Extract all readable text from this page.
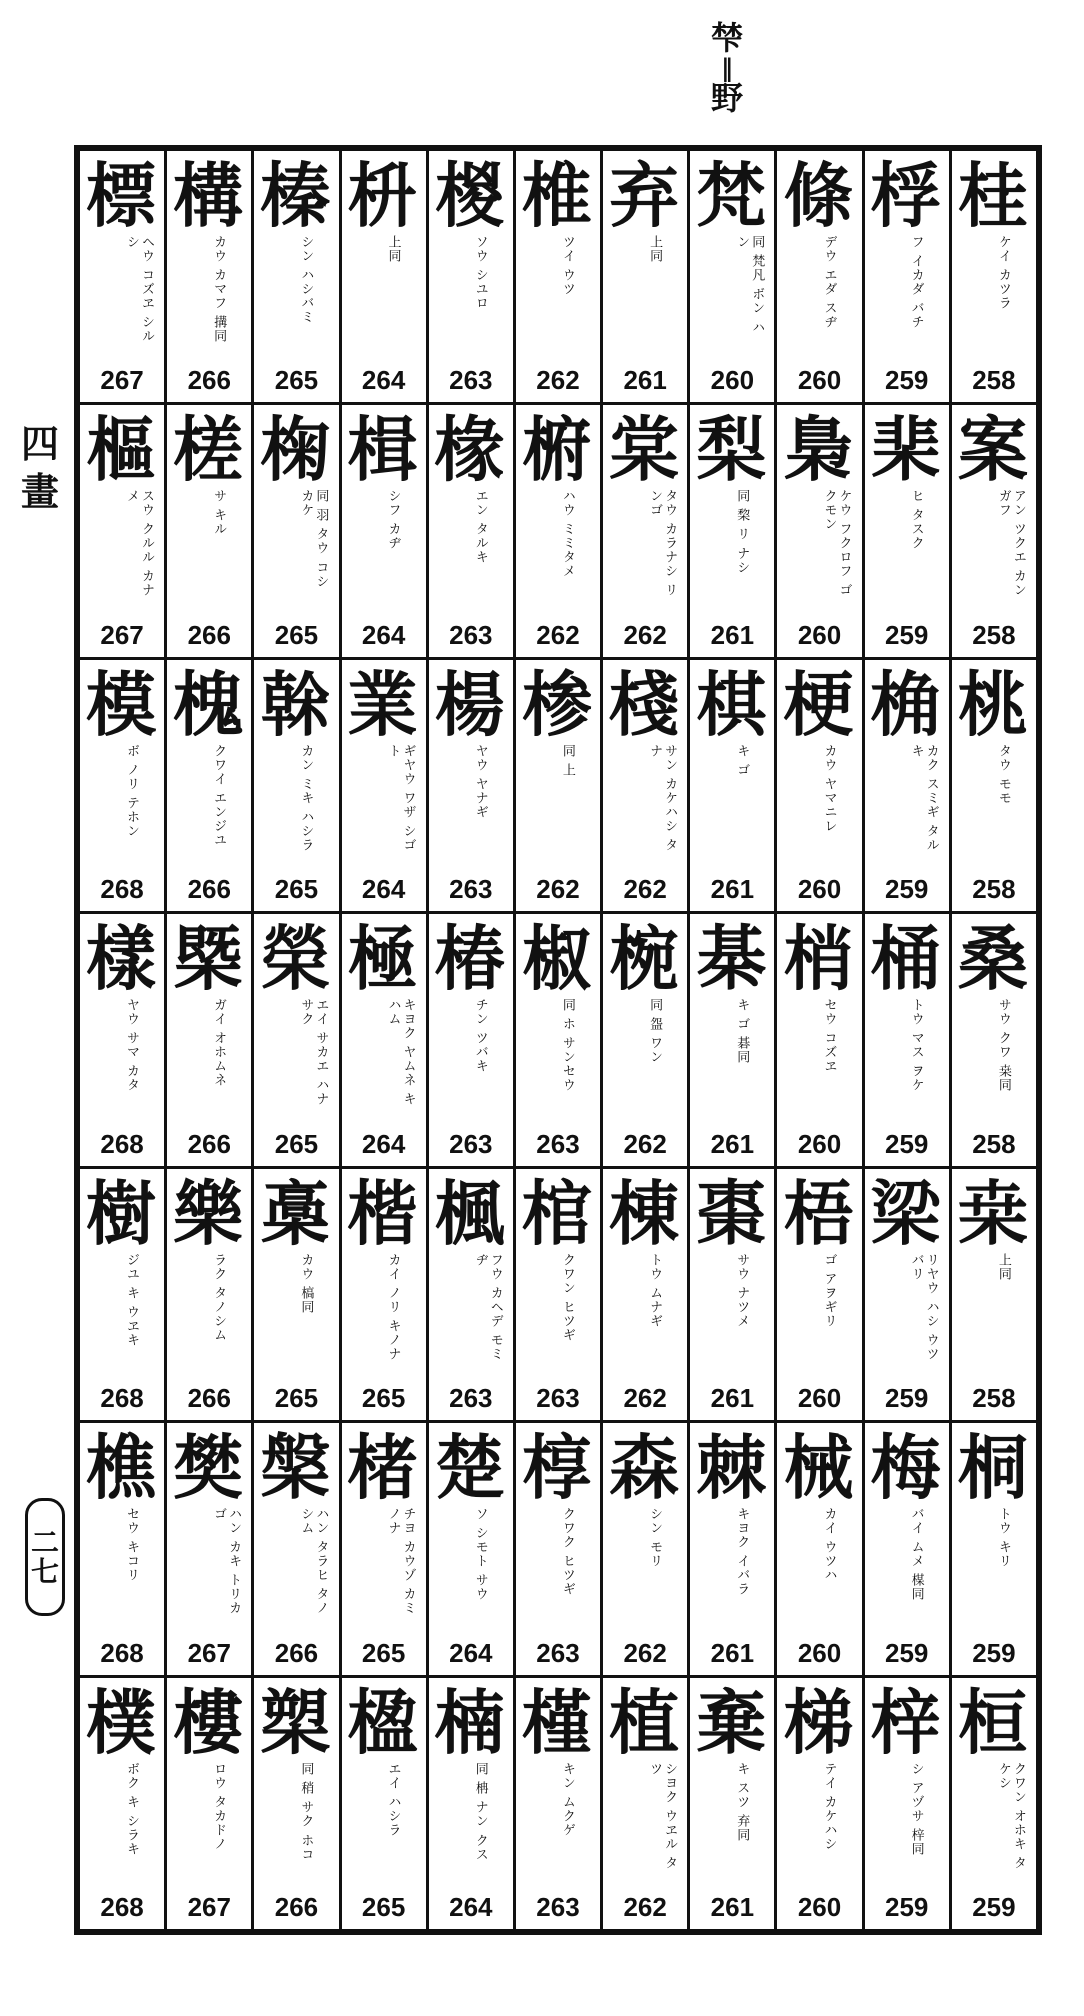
梺
‖
野
四
畫
二
七
標
ヘウ コズヱ シルシ
267
構
カウ カマフ 搆同
266
榛
シン ハシバミ
265
枡
上同
264
椶
ソウ シユロ
263
椎
ツイ ウツ
262
弃
上同
261
梵
同 梵凡 ボン ハン
260
條
デウ エダ スヂ
260
桴
フ イカダ バチ
259
桂
ケイ カツラ
258
樞
スウ クルル カナメ
267
槎
サ キル
266
椈
同 羽 タウ コシカケ
265
楫
シフ カヂ
264
椽
エン タルキ
263
椨
ハウ ミミタメ
262
棠
タウ カラナシ リンゴ
262
梨
同 棃 リ ナシ
261
梟
ケウ フクロフ ゴクモン
260
棐
ヒ タスク
259
案
アン ツクエ カンガフ
258
模
ボ ノリ テホン
268
槐
クワイ エンジユ
266
榦
カン ミキ ハシラ
265
業
ギヤウ ワザ シゴト
264
楊
ヤウ ヤナギ
263
椮
同 上
262
棧
サン カケハシ タナ
262
棋
キ ゴ
261
梗
カウ ヤマニレ
260
桷
カク スミギ タルキ
259
桃
タウ モモ
258
樣
ヤウ サマ カタ
268
槩
ガイ オホムネ
266
榮
エイ サカエ ハナサク
265
極
キヨク ヤムネ キハム
264
椿
チン ツバキ
263
椒
同 ホ サンセウ
263
椀
同 盌 ワン
262
棊
キ ゴ 碁同
261
梢
セウ コズヱ
260
桶
トウ マス ヲケ
259
桑
サウ クワ 桒同
258
樹
ジユ キ ウヱキ
268
樂
ラク タノシム
266
槀
カウ 槁同
265
楷
カイ ノリ キノナ
265
楓
フウ カヘデ モミヂ
263
棺
クワン ヒツギ
263
棟
トウ ムナギ
262
棗
サウ ナツメ
261
梧
ゴ アヲギリ
260
梁
リヤウ ハシ ウツバリ
259
桒
上同
258
樵
セウ キコリ
268
樊
ハン カキ トリカゴ
267
槃
ハン タラヒ タノシム
266
楮
チヨ カウゾ カミノナ
265
楚
ソ シモト サウ
264
椁
クワク ヒツギ
263
森
シン モリ
262
棘
キヨク イバラ
261
械
カイ ウツハ
260
梅
バイ ムメ 楳同
259
桐
トウ キリ
259
樸
ボク キ シラキ
268
樓
ロウ タカドノ
267
槊
同 稍 サク ホコ
266
楹
エイ ハシラ
265
楠
同 柟 ナン クス
264
槿
キン ムクゲ
263
植
シヨク ウヱル タツ
262
棄
キ スツ 弃同
261
梯
テイ カケハシ
260
梓
シ アヅサ 梓同
259
桓
クワン オホキ タケシ
259
